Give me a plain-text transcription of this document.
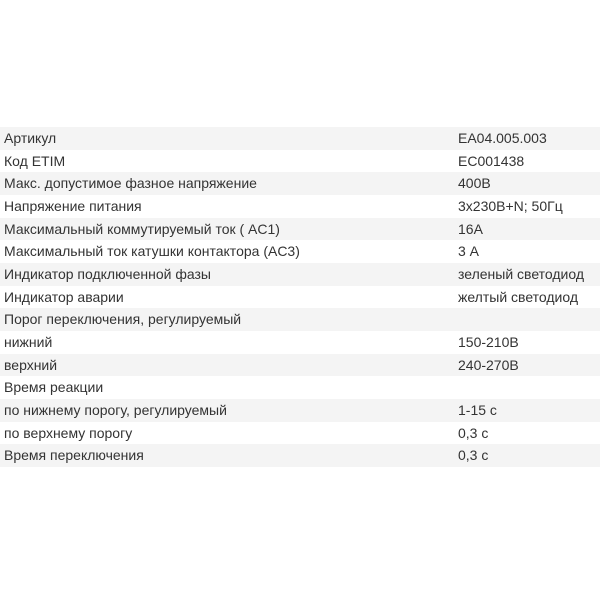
Артикул	EA04.005.003
Код ETIM	EC001438
Макс. допустимое фазное напряжение	400В
Напряжение питания	3x230В+N; 50Гц
Максимальный коммутируемый ток ( AC1)	16А
Максимальный ток катушки контактора (AC3)	3 А
Индикатор подключенной фазы	зеленый светодиод
Индикатор аварии	желтый светодиод
Порог переключения, регулируемый	
нижний	150-210В
верхний	240-270В
Время реакции	
по нижнему порогу, регулируемый	1-15 с
по верхнему порогу	0,3 с
Время переключения	0,3 с
